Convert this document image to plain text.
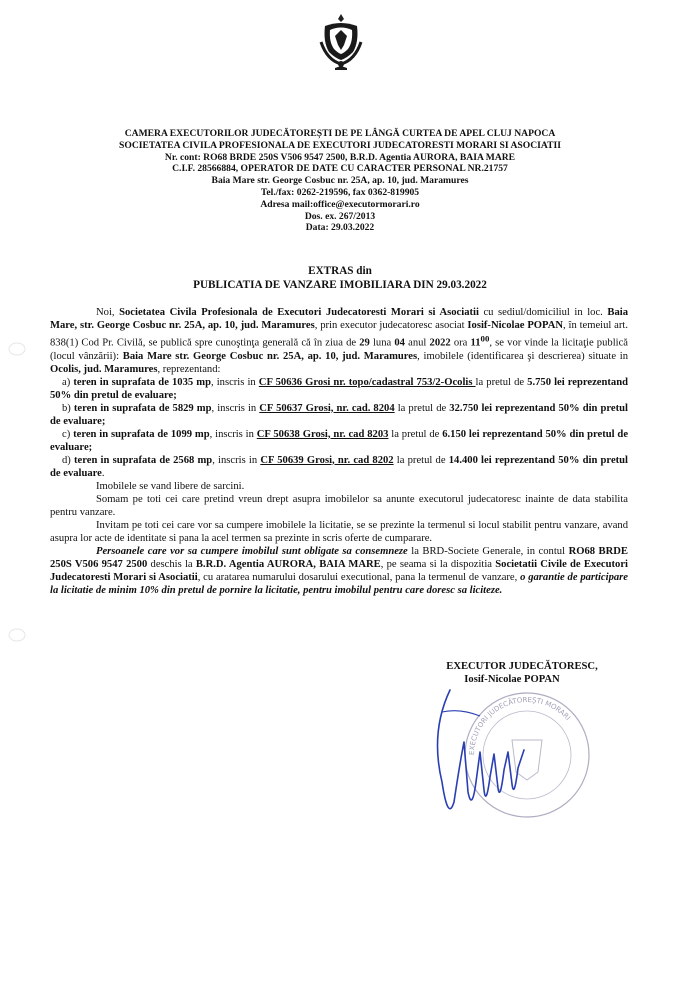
CAMERA EXECUTORILOR JUDECĂTOREȘTI DE PE LÂNGĂ CURTEA DE APEL CLUJ NAPOCA
SOCIETATEA CIVILA PROFESIONALA DE EXECUTORI JUDECATORESTI MORARI SI ASOCIATII
Nr. cont: RO68 BRDE 250S V506 9547 2500, B.R.D. Agentia AURORA, BAIA MARE
C.I.F. 28566884, OPERATOR DE DATE CU CARACTER PERSONAL NR.21757
Baia Mare str. George Cosbuc nr. 25A, ap. 10, jud. Maramures
Tel./fax: 0262-219596, fax 0362-819905
Adresa mail:office@executormorari.ro
Dos. ex. 267/2013
Data: 29.03.2022
EXTRAS din
PUBLICATIA DE VANZARE IMOBILIARA DIN 29.03.2022

Noi, Societatea Civila Profesionala de Executori Judecatoresti Morari si Asociatii cu sediul/domiciliul in loc. Baia Mare, str. George Cosbuc nr. 25A, ap. 10, jud. Maramures, prin executor judecatoresc asociat Iosif-Nicolae POPAN, în temeiul art. 838(1) Cod Pr. Civilă, se publică spre cunoştinţa generală că în ziua de 29 luna 04 anul 2022 ora $11^{00}$, se vor vinde la licitaţie publică (locul vânzării): Baia Mare str. George Cosbuc nr. 25A, ap. 10, jud. Maramures, imobilele (identificarea şi descrierea) situate in Ocolis, jud. Maramures, reprezentand:

a) teren in suprafata de 1035 mp, inscris in CF 50636 Grosi nr. topo/cadastral 753/2-Ocolis la pretul de 5.750 lei reprezentand 50% din pretul de evaluare;

b) teren in suprafata de 5829 mp, inscris in CF 50637 Grosi, nr. cad. 8204 la pretul de 32.750 lei reprezentand 50% din pretul de evaluare;

c) teren in suprafata de 1099 mp, inscris in CF 50638 Grosi, nr. cad 8203 la pretul de 6.150 lei reprezentand 50% din pretul de evaluare;

d) teren in suprafata de 2568 mp, inscris in CF 50639 Grosi, nr. cad 8202 la pretul de 14.400 lei reprezentand 50% din pretul de evaluare.

Imobilele se vand libere de sarcini.

Somam pe toti cei care pretind vreun drept asupra imobilelor sa anunte executorul judecatoresc inainte de data stabilita pentru vanzare.

Invitam pe toti cei care vor sa cumpere imobilele la licitatie, se se prezinte la termenul si locul stabilit pentru vanzare, avand asupra lor acte de identitate si pana la acel termen sa prezinte in scris oferte de cumparare.

Persoanele care vor sa cumpere imobilul sunt obligate sa consemneze la BRD-Societe Generale, in contul RO68 BRDE 250S V506 9547 2500 deschis la B.R.D. Agentia AURORA, BAIA MARE, pe seama si la dispozitia Societatii Civile de Executori Judecatoresti Morari si Asociatii, cu aratarea numarului dosarului executional, pana la termenul de vanzare, o garantie de participare la licitatie de minim 10% din pretul de pornire la licitatie, pentru imobilul pentru care doresc sa liciteze.

EXECUTOR JUDECĂTORESC,
Iosif-Nicolae POPAN
EXECUTORI JUDECĂTOREȘTI MORARI
